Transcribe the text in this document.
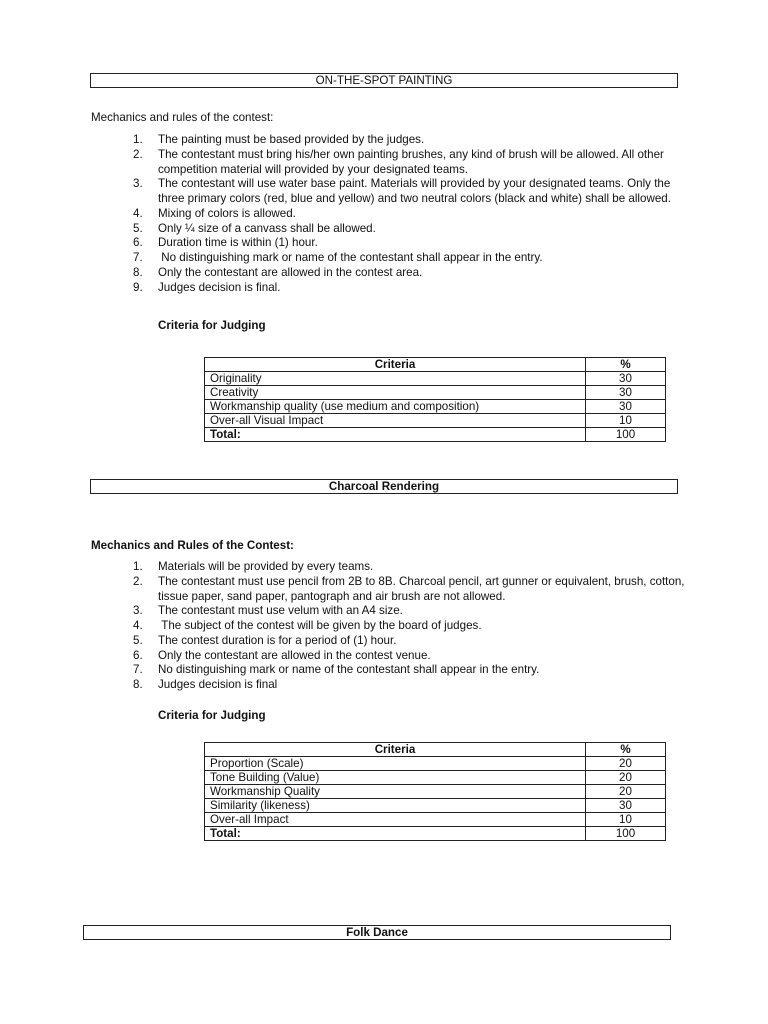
ON-THE-SPOT PAINTING
Mechanics and rules of the contest:
1.	The painting must be based provided by the judges.
2.	The contestant must bring his/her own painting brushes, any kind of brush will be allowed. All other competition material will provided by your designated teams.
3.	The contestant will use water base paint. Materials will provided by your designated teams. Only the three primary colors (red, blue and yellow) and two neutral colors (black and white) shall be allowed.
4.	Mixing of colors is allowed.
5.	Only ¼ size of a canvass shall be allowed.
6.	Duration time is within (1) hour.
7.	No distinguishing mark or name of the contestant shall appear in the entry.
8.	Only the contestant are allowed in the contest area.
9.	Judges decision is final.
Criteria for Judging
Criteria	%
Originality	30
Creativity	30
Workmanship quality (use medium and composition)	30
Over-all Visual Impact	10
Total:	100
Charcoal Rendering
Mechanics and Rules of the Contest:
1.	Materials will be provided by every teams.
2.	The contestant must use pencil from 2B to 8B. Charcoal pencil, art gunner or equivalent, brush, cotton, tissue paper, sand paper, pantograph and air brush are not allowed.
3.	The contestant must use velum with an A4 size.
4.	The subject of the contest will be given by the board of judges.
5.	The contest duration is for a period of (1) hour.
6.	Only the contestant are allowed in the contest venue.
7.	No distinguishing mark or name of the contestant shall appear in the entry.
8.	Judges decision is final
Criteria for Judging
Criteria	%
Proportion (Scale)	20
Tone Building (Value)	20
Workmanship Quality	20
Similarity (likeness)	30
Over-all Impact	10
Total:	100
Folk Dance
